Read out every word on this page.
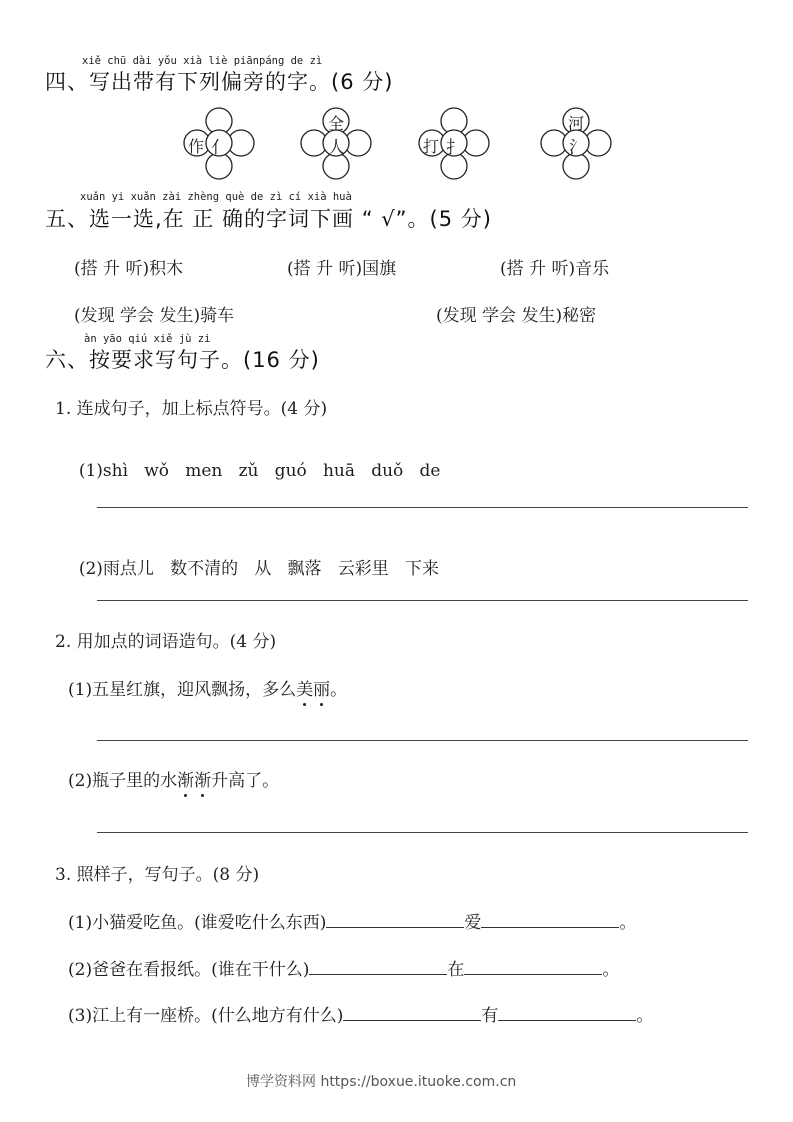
xiě chū dài yǒu xià liè piānpáng de zì
四、写出带有下列偏旁的字。(6 分)
作 亻
全
人	打 扌
河
氵
xuǎn yi xuǎn zài zhèng què de zì cí xià huà
五、选一选,在 正 确的字词下画 “ √”。(5 分)
(搭 升 听)积木	(搭 升 听)国旗	(搭 升 听)音乐
(发现 学会 发生)骑车	(发现 学会 发生)秘密
àn yāo qiú xiě jù zi
六、按要求写句子。(16 分)
1. 连成句子，加上标点符号。(4 分)

(1)shì   wǒ   men   zǔ   guó   huā   duǒ   de

(2)雨点儿   数不清的   从   飘落   云彩里   下来

2. 用加点的词语造句。(4 分)
(1)五星红旗，迎风飘扬，多么美丽。
(2)瓶子里的水渐渐升高了。
3. 照样子，写句子。(8 分)
(1)小猫爱吃鱼。(谁爱吃什么东西)	爱	。
(2)爸爸在看报纸。(谁在干什么)	在	。
(3)江上有一座桥。(什么地方有什么)	有	。
博学资料网 https://boxue.ituoke.com.cn
